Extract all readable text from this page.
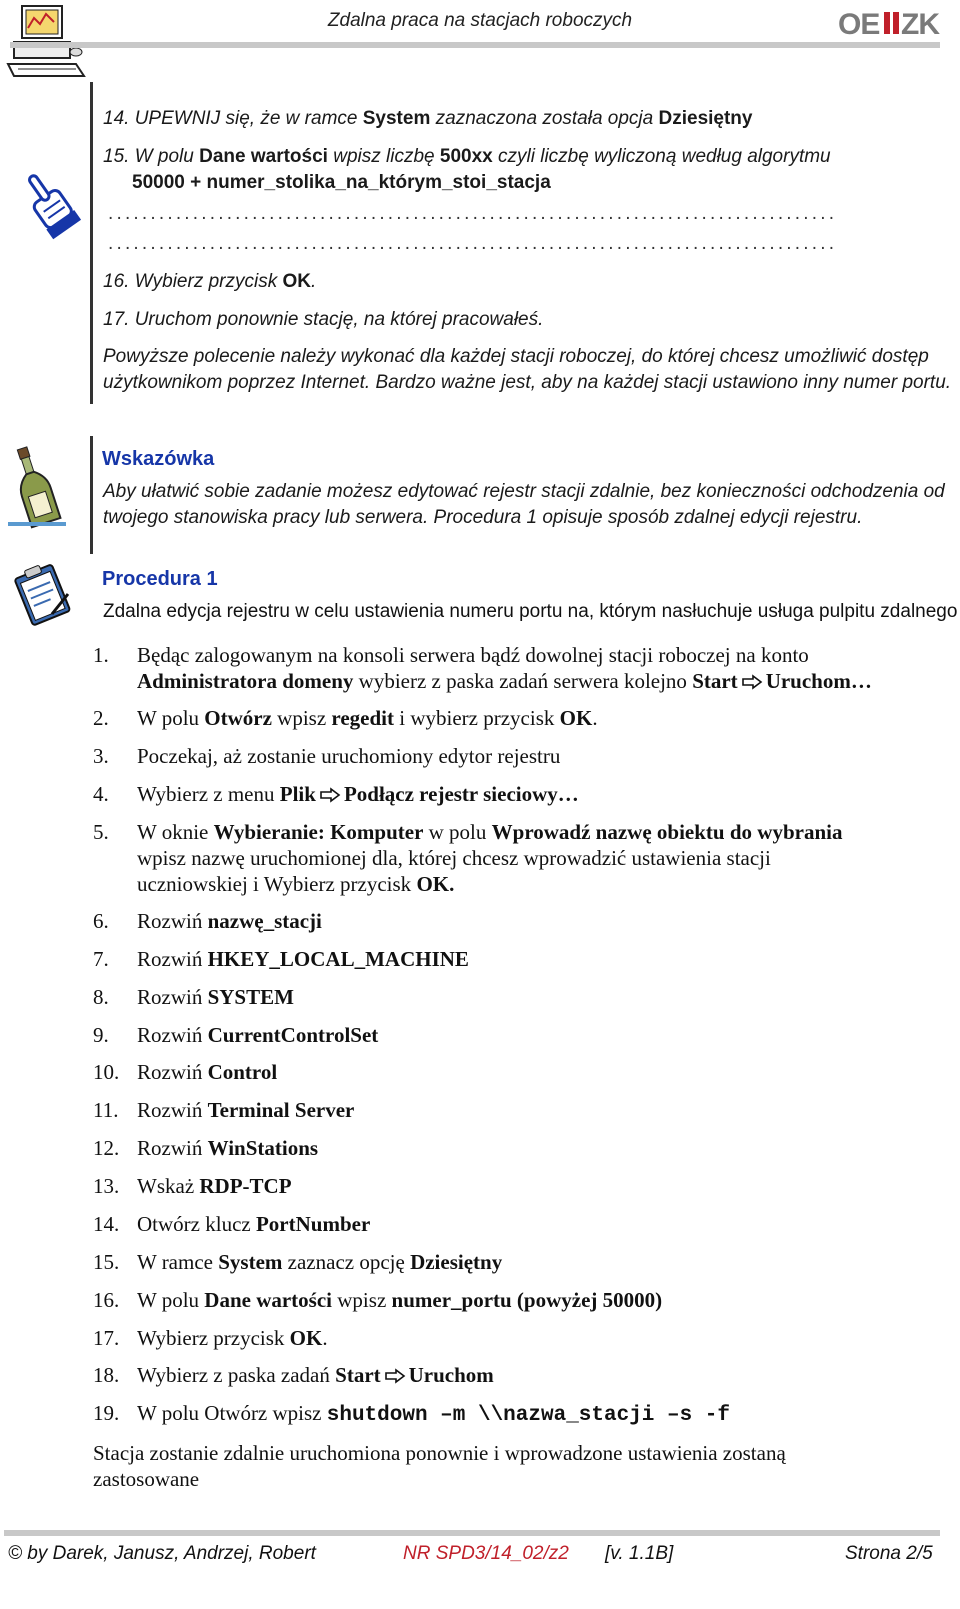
Zdalna praca na stacjach roboczych	OE ZK
14. UPEWNIJ się, że w ramce System zaznaczona została opcja Dziesiętny
15. W polu Dane wartości wpisz liczbę 500xx czyli liczbę wyliczoną według algorytmu
50000 + numer_stolika_na_którym_stoi_stacja
......................................................................................
......................................................................................
16. Wybierz przycisk OK.
17. Uruchom ponownie stację, na której pracowałeś.
Powyższe polecenie należy wykonać dla każdej stacji roboczej, do której chcesz umożliwić dostęp
użytkownikom poprzez Internet. Bardzo ważne jest, aby na każdej stacji ustawiono inny numer portu.
Wskazówka
Aby ułatwić sobie zadanie możesz edytować rejestr stacji zdalnie, bez konieczności odchodzenia od
twojego stanowiska pracy lub serwera. Procedura 1 opisuje sposób zdalnej edycji rejestru.
Procedura 1
Zdalna edycja rejestru w celu ustawienia numeru portu na, którym nasłuchuje usługa pulpitu zdalnego
1.	Będąc zalogowanym na konsoli serwera bądź dowolnej stacji roboczej na konto
Administratora domeny wybierz z paska zadań serwera kolejno Start Uruchom…
2.	W polu Otwórz wpisz regedit i wybierz przycisk OK.
3.	Poczekaj, aż zostanie uruchomiony edytor rejestru
4.	Wybierz z menu Plik Podłącz rejestr sieciowy…
5.	W oknie Wybieranie: Komputer w polu Wprowadź nazwę obiektu do wybrania
wpisz nazwę uruchomionej dla, której chcesz wprowadzić ustawienia stacji
uczniowskiej i Wybierz przycisk OK.
6.	Rozwiń nazwę_stacji
7.	Rozwiń HKEY_LOCAL_MACHINE
8.	Rozwiń SYSTEM
9.	Rozwiń CurrentControlSet
10. Rozwiń Control
11. Rozwiń Terminal Server
12. Rozwiń WinStations
13. Wskaż RDP-TCP
14. Otwórz klucz PortNumber
15. W ramce System zaznacz opcję Dziesiętny
16. W polu Dane wartości wpisz numer_portu (powyżej 50000)
17. Wybierz przycisk OK.
18. Wybierz z paska zadań Start Uruchom
19. W polu Otwórz wpisz shutdown –m \\nazwa_stacji –s -f
Stacja zostanie zdalnie uruchomiona ponownie i wprowadzone ustawienia zostaną
zastosowane
© by Darek, Janusz, Andrzej, Robert	NR SPD3/14_02/z2 [v. 1.1B]	Strona 2/5
